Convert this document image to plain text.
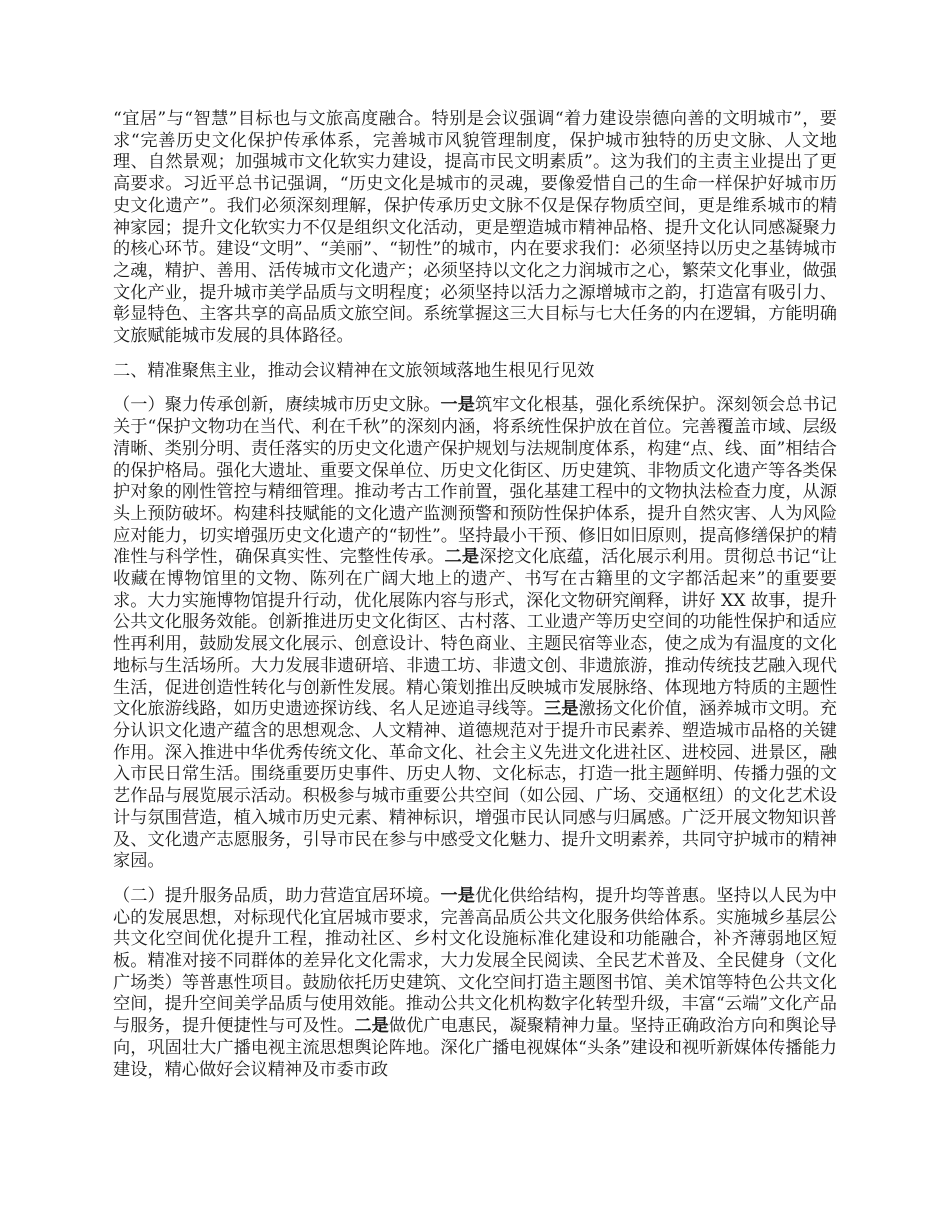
“宜居”与“智慧”目标也与文旅高度融合。特别是会议强调“着力建设崇德向善的文明城市”，要求“完善历史文化保护传承体系，完善城市风貌管理制度，保护城市独特的历史文脉、人文地理、自然景观；加强城市文化软实力建设，提高市民文明素质”。这为我们的主责主业提出了更高要求。习近平总书记强调，“历史文化是城市的灵魂，要像爱惜自己的生命一样保护好城市历史文化遗产”。我们必须深刻理解，保护传承历史文脉不仅是保存物质空间，更是维系城市的精神家园；提升文化软实力不仅是组织文化活动，更是塑造城市精神品格、提升文化认同感凝聚力的核心环节。建设“文明”、“美丽”、“韧性”的城市，内在要求我们：必须坚持以历史之基铸城市之魂，精护、善用、活传城市文化遗产；必须坚持以文化之力润城市之心，繁荣文化事业，做强文化产业，提升城市美学品质与文明程度；必须坚持以活力之源增城市之韵，打造富有吸引力、彰显特色、主客共享的高品质文旅空间。系统掌握这三大目标与七大任务的内在逻辑，方能明确文旅赋能城市发展的具体路径。

二、精准聚焦主业，推动会议精神在文旅领域落地生根见行见效

（一）聚力传承创新，赓续城市历史文脉。一是筑牢文化根基，强化系统保护。深刻领会总书记关于“保护文物功在当代、利在千秋”的深刻内涵，将系统性保护放在首位。完善覆盖市域、层级清晰、类别分明、责任落实的历史文化遗产保护规划与法规制度体系，构建“点、线、面”相结合的保护格局。强化大遗址、重要文保单位、历史文化街区、历史建筑、非物质文化遗产等各类保护对象的刚性管控与精细管理。推动考古工作前置，强化基建工程中的文物执法检查力度，从源头上预防破坏。构建科技赋能的文化遗产监测预警和预防性保护体系，提升自然灾害、人为风险应对能力，切实增强历史文化遗产的“韧性”。坚持最小干预、修旧如旧原则，提高修缮保护的精准性与科学性，确保真实性、完整性传承。二是深挖文化底蕴，活化展示利用。贯彻总书记“让收藏在博物馆里的文物、陈列在广阔大地上的遗产、书写在古籍里的文字都活起来”的重要要求。大力实施博物馆提升行动，优化展陈内容与形式，深化文物研究阐释，讲好 XX 故事，提升公共文化服务效能。创新推进历史文化街区、古村落、工业遗产等历史空间的功能性保护和适应性再利用，鼓励发展文化展示、创意设计、特色商业、主题民宿等业态，使之成为有温度的文化地标与生活场所。大力发展非遗研培、非遗工坊、非遗文创、非遗旅游，推动传统技艺融入现代生活，促进创造性转化与创新性发展。精心策划推出反映城市发展脉络、体现地方特质的主题性文化旅游线路，如历史遗迹探访线、名人足迹追寻线等。三是激扬文化价值，涵养城市文明。充分认识文化遗产蕴含的思想观念、人文精神、道德规范对于提升市民素养、塑造城市品格的关键作用。深入推进中华优秀传统文化、革命文化、社会主义先进文化进社区、进校园、进景区，融入市民日常生活。围绕重要历史事件、历史人物、文化标志，打造一批主题鲜明、传播力强的文艺作品与展览展示活动。积极参与城市重要公共空间（如公园、广场、交通枢纽）的文化艺术设计与氛围营造，植入城市历史元素、精神标识，增强市民认同感与归属感。广泛开展文物知识普及、文化遗产志愿服务，引导市民在参与中感受文化魅力、提升文明素养，共同守护城市的精神家园。

（二）提升服务品质，助力营造宜居环境。一是优化供给结构，提升均等普惠。坚持以人民为中心的发展思想，对标现代化宜居城市要求，完善高品质公共文化服务供给体系。实施城乡基层公共文化空间优化提升工程，推动社区、乡村文化设施标准化建设和功能融合，补齐薄弱地区短板。精准对接不同群体的差异化文化需求，大力发展全民阅读、全民艺术普及、全民健身（文化广场类）等普惠性项目。鼓励依托历史建筑、文化空间打造主题图书馆、美术馆等特色公共文化空间，提升空间美学品质与使用效能。推动公共文化机构数字化转型升级，丰富“云端”文化产品与服务，提升便捷性与可及性。二是做优广电惠民，凝聚精神力量。坚持正确政治方向和舆论导向，巩固壮大广播电视主流思想舆论阵地。深化广播电视媒体“头条”建设和视听新媒体传播能力建设，精心做好会议精神及市委市政
